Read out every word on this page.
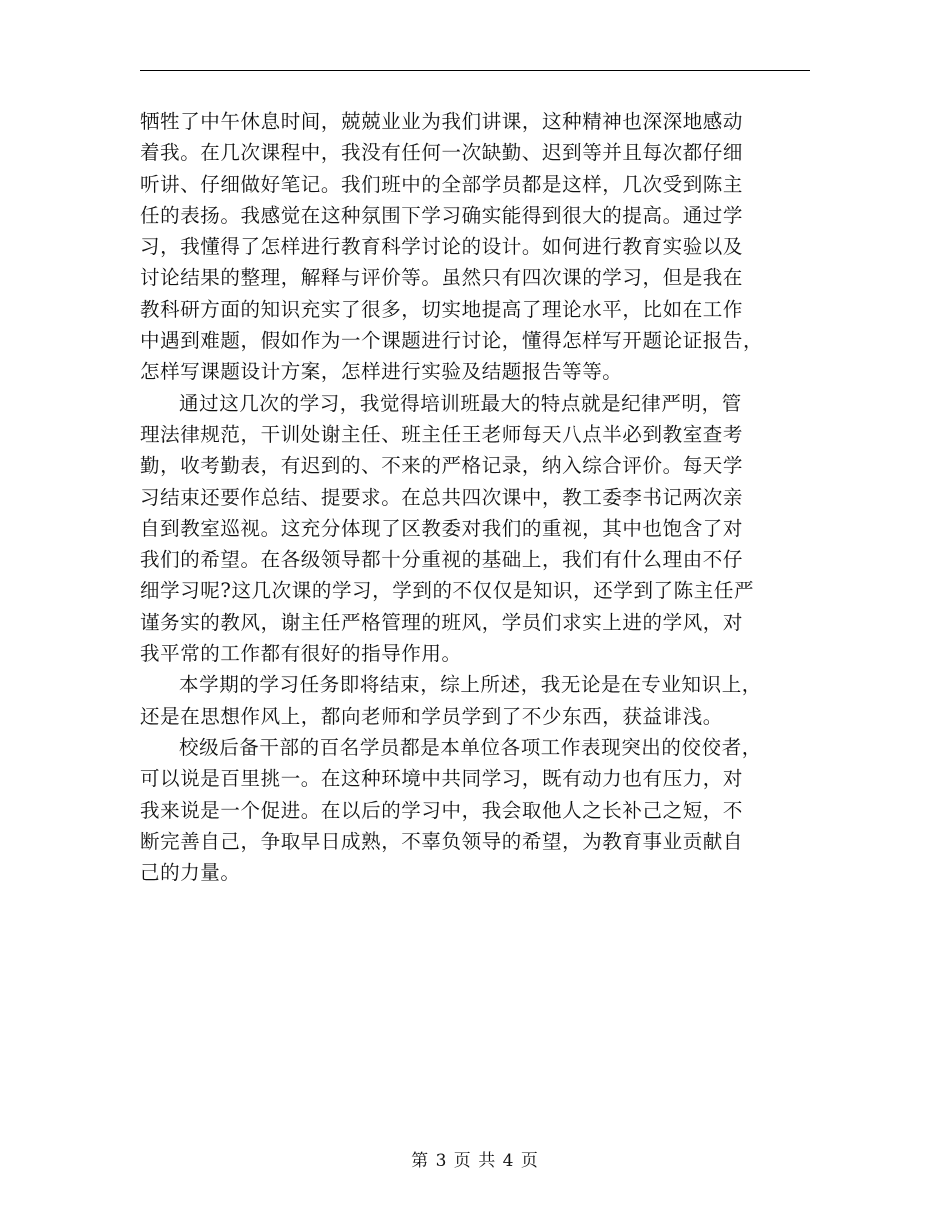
牺牲了中午休息时间，兢兢业业为我们讲课，这种精神也深深地感动
着我。在几次课程中，我没有任何一次缺勤、迟到等并且每次都仔细
听讲、仔细做好笔记。我们班中的全部学员都是这样，几次受到陈主
任的表扬。我感觉在这种氛围下学习确实能得到很大的提高。通过学
习，我懂得了怎样进行教育科学讨论的设计。如何进行教育实验以及
讨论结果的整理，解释与评价等。虽然只有四次课的学习，但是我在
教科研方面的知识充实了很多，切实地提高了理论水平，比如在工作
中遇到难题，假如作为一个课题进行讨论，懂得怎样写开题论证报告，
怎样写课题设计方案，怎样进行实验及结题报告等等。

通过这几次的学习，我觉得培训班最大的特点就是纪律严明，管
理法律规范，干训处谢主任、班主任王老师每天八点半必到教室查考
勤，收考勤表，有迟到的、不来的严格记录，纳入综合评价。每天学
习结束还要作总结、提要求。在总共四次课中，教工委李书记两次亲
自到教室巡视。这充分体现了区教委对我们的重视，其中也饱含了对
我们的希望。在各级领导都十分重视的基础上，我们有什么理由不仔
细学习呢?这几次课的学习，学到的不仅仅是知识，还学到了陈主任严
谨务实的教风，谢主任严格管理的班风，学员们求实上进的学风，对
我平常的工作都有很好的指导作用。

本学期的学习任务即将结束，综上所述，我无论是在专业知识上，
还是在思想作风上，都向老师和学员学到了不少东西，获益诽浅。

校级后备干部的百名学员都是本单位各项工作表现突出的佼佼者，
可以说是百里挑一。在这种环境中共同学习，既有动力也有压力，对
我来说是一个促进。在以后的学习中，我会取他人之长补己之短，不
断完善自己，争取早日成熟，不辜负领导的希望，为教育事业贡献自
己的力量。

第 3 页 共 4 页
